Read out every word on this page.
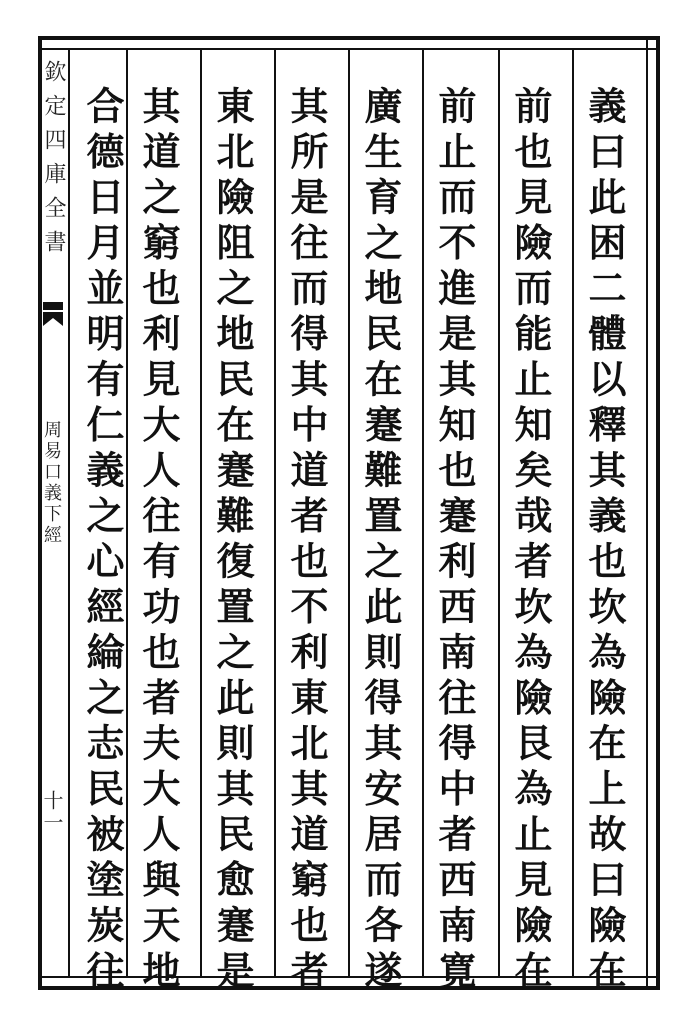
欽定四庫全書
周易口義下經
十一	義曰此困二體以釋其義也坎為險在上故曰險在
前也見險而能止知矣哉者坎為險艮為止見險在
前止而不進是其知也蹇利西南往得中者西南寛
廣生育之地民在蹇難置之此則得其安居而各遂
其所是往而得其中道者也不利東北其道窮也者
東北險阻之地民在蹇難復置之此則其民愈蹇是
其道之窮也利見大人往有功也者夫大人與天地
合德日月並明有仁義之心經綸之志民被塗炭往
